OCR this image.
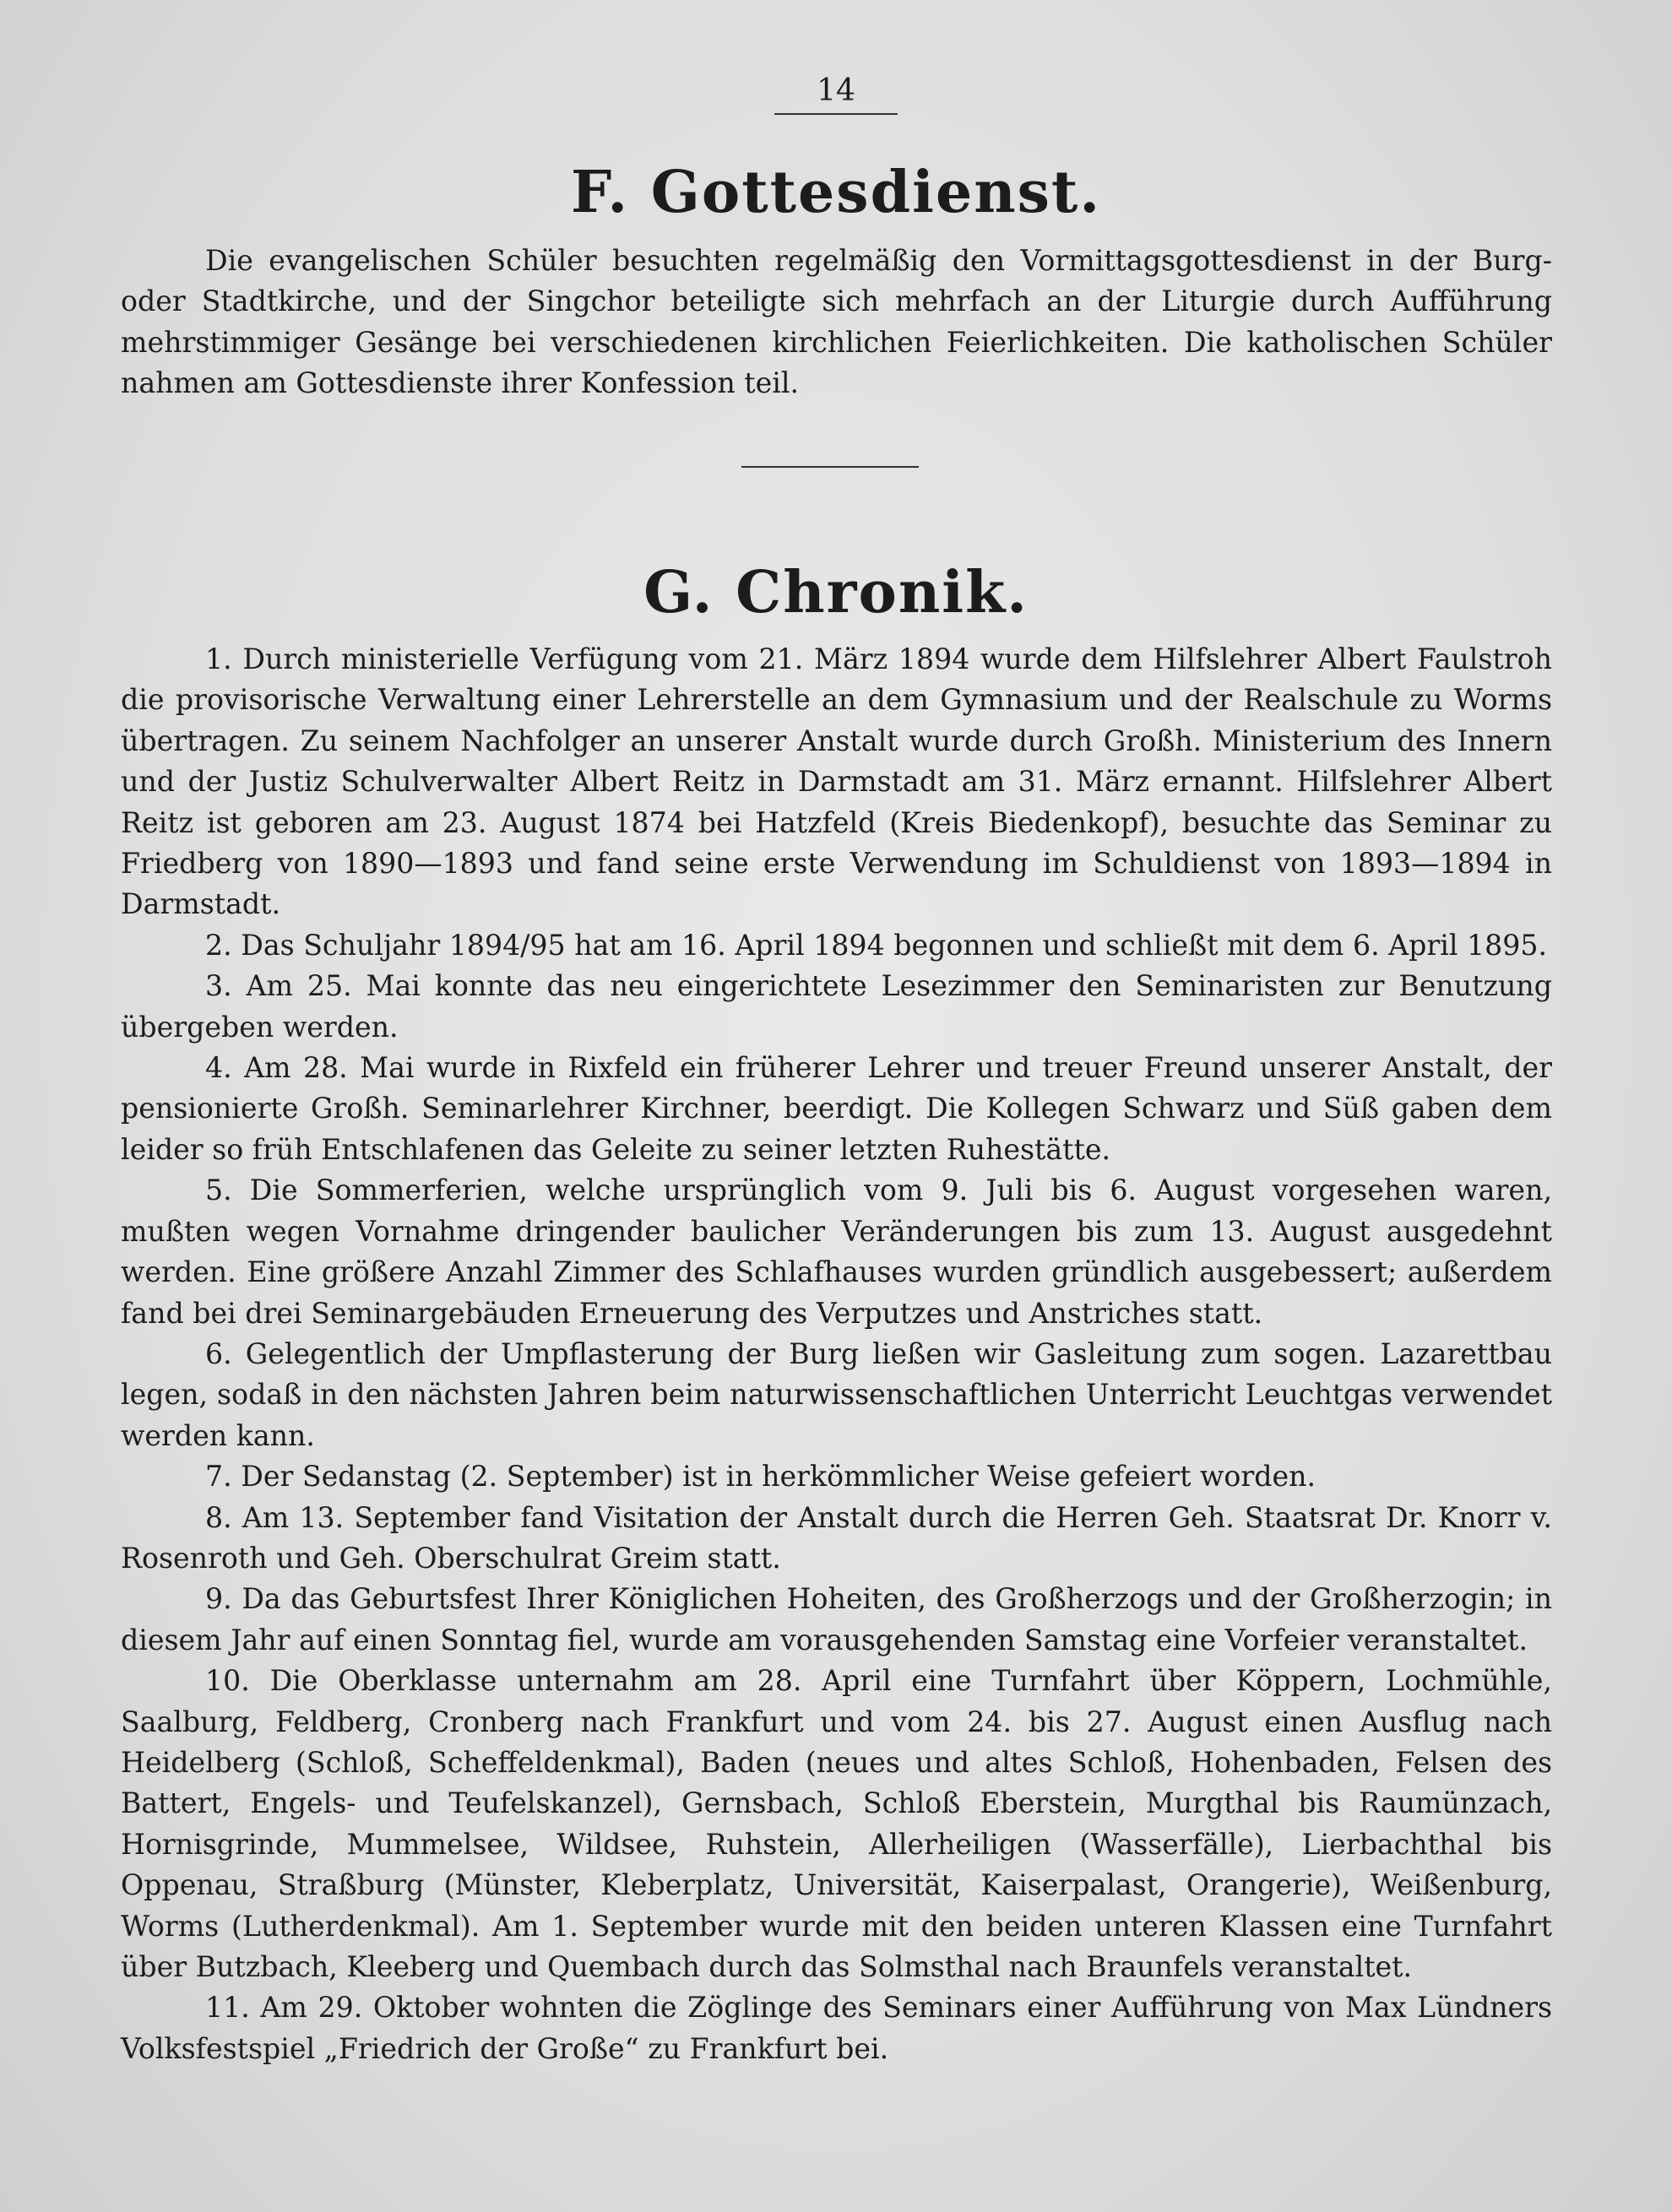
14
F. Gottesdienst.
Die evangelischen Schüler besuchten regelmäßig den Vormittagsgottesdienst in der Burg- oder Stadtkirche, und der Singchor beteiligte sich mehrfach an der Liturgie durch Aufführung mehrstimmiger Gesänge bei verschiedenen kirchlichen Feierlichkeiten. Die katholischen Schüler nahmen am Gottesdienste ihrer Konfession teil.
G. Chronik.

1. Durch ministerielle Verfügung vom 21. März 1894 wurde dem Hilfslehrer Albert Faulstroh die provisorische Verwaltung einer Lehrerstelle an dem Gymnasium und der Realschule zu Worms übertragen. Zu seinem Nachfolger an unserer Anstalt wurde durch Großh. Ministerium des Innern und der Justiz Schulverwalter Albert Reitz in Darmstadt am 31. März ernannt. Hilfslehrer Albert Reitz ist geboren am 23. August 1874 bei Hatzfeld (Kreis Biedenkopf), besuchte das Seminar zu Friedberg von 1890—1893 und fand seine erste Verwendung im Schuldienst von 1893—1894 in Darmstadt.

2. Das Schuljahr 1894/95 hat am 16. April 1894 begonnen und schließt mit dem 6. April 1895.

3. Am 25. Mai konnte das neu eingerichtete Lesezimmer den Seminaristen zur Benutzung übergeben werden.

4. Am 28. Mai wurde in Rixfeld ein früherer Lehrer und treuer Freund unserer Anstalt, der pensionierte Großh. Seminarlehrer Kirchner, beerdigt. Die Kollegen Schwarz und Süß gaben dem leider so früh Entschlafenen das Geleite zu seiner letzten Ruhestätte.

5. Die Sommerferien, welche ursprünglich vom 9. Juli bis 6. August vorgesehen waren, mußten wegen Vornahme dringender baulicher Veränderungen bis zum 13. August ausgedehnt werden. Eine größere Anzahl Zimmer des Schlafhauses wurden gründlich ausgebessert; außerdem fand bei drei Seminargebäuden Erneuerung des Verputzes und Anstriches statt.

6. Gelegentlich der Umpflasterung der Burg ließen wir Gasleitung zum sogen. Lazarettbau legen, sodaß in den nächsten Jahren beim naturwissenschaftlichen Unterricht Leuchtgas verwendet werden kann.

7. Der Sedanstag (2. September) ist in herkömmlicher Weise gefeiert worden.

8. Am 13. September fand Visitation der Anstalt durch die Herren Geh. Staatsrat Dr. Knorr v. Rosenroth und Geh. Oberschulrat Greim statt.

9. Da das Geburtsfest Ihrer Königlichen Hoheiten, des Großherzogs und der Großherzogin; in diesem Jahr auf einen Sonntag fiel, wurde am vorausgehenden Samstag eine Vorfeier veranstaltet.

10. Die Oberklasse unternahm am 28. April eine Turnfahrt über Köppern, Lochmühle, Saalburg, Feldberg, Cronberg nach Frankfurt und vom 24. bis 27. August einen Ausflug nach Heidelberg (Schloß, Scheffeldenkmal), Baden (neues und altes Schloß, Hohenbaden, Felsen des Battert, Engels- und Teufelskanzel), Gernsbach, Schloß Eberstein, Murgthal bis Raumünzach, Hornisgrinde, Mummelsee, Wildsee, Ruhstein, Allerheiligen (Wasserfälle), Lierbachthal bis Oppenau, Straßburg (Münster, Kleberplatz, Universität, Kaiserpalast, Orangerie), Weißenburg, Worms (Lutherdenkmal). Am 1. September wurde mit den beiden unteren Klassen eine Turnfahrt über Butzbach, Kleeberg und Quembach durch das Solmsthal nach Braunfels veranstaltet.

11. Am 29. Oktober wohnten die Zöglinge des Seminars einer Aufführung von Max Lündners Volksfestspiel „Friedrich der Große“ zu Frankfurt bei.
